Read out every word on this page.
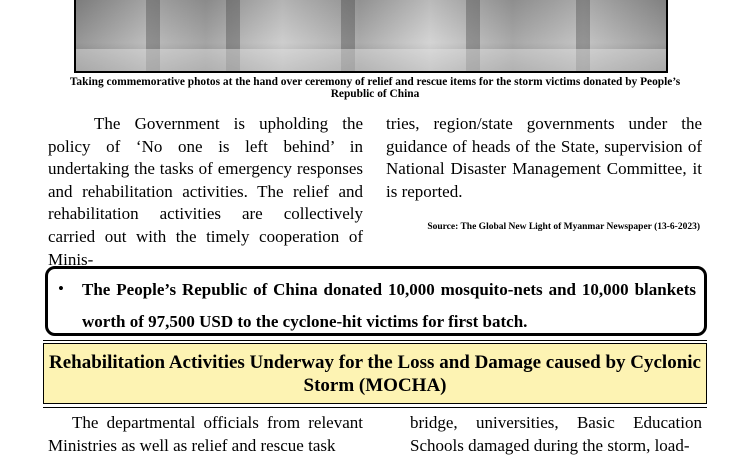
Taking commemorative photos at the hand over ceremony of relief and rescue items for the storm victims donated by People’s Republic of China

The Government is upholding the policy of ‘No one is left behind’ in undertaking the tasks of emergency responses and rehabilitation activities. The relief and rehabilitation activities are collectively carried out with the timely cooperation of Minis-

tries, region/state governments under the guidance of heads of the State, supervision of National Disaster Management Committee, it is reported.

Source: The Global New Light of Myanmar Newspaper (13-6-2023)
• The People’s Republic of China donated 10,000 mosquito-nets and 10,000 blankets worth of 97,500 USD to the cyclone-hit victims for first batch.

Rehabilitation Activities Underway for the Loss and Damage caused by Cyclonic
Storm (MOCHA)

The departmental officials from relevant Ministries as well as relief and rescue task

bridge, universities, Basic Education Schools damaged during the storm, load-
